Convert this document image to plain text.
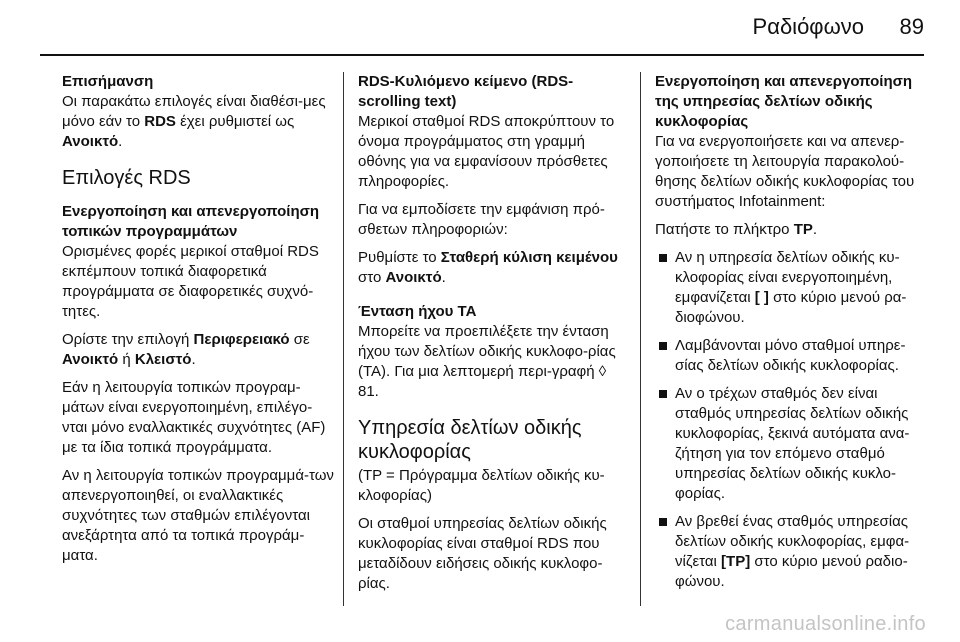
Ραδιόφωνο 89
Επισήμανση

Οι παρακάτω επιλογές είναι διαθέσι-μες μόνο εάν το RDS έχει ρυθμιστεί ως Ανοικτό.

Επιλογές RDS
Ενεργοποίηση και απενεργοποίηση τοπικών προγραμμάτων

Ορισμένες φορές μερικοί σταθμοί RDS εκπέμπουν τοπικά διαφορετικά προγράμματα σε διαφορετικές συχνό-τητες.

Ορίστε την επιλογή Περιφερειακό σε Ανοικτό ή Κλειστό.

Εάν η λειτουργία τοπικών προγραμ-μάτων είναι ενεργοποιημένη, επιλέγο-νται μόνο εναλλακτικές συχνότητες (AF) με τα ίδια τοπικά προγράμματα.

Αν η λειτουργία τοπικών προγραμμά-των απενεργοποιηθεί, οι εναλλακτικές συχνότητες των σταθμών επιλέγονται ανεξάρτητα από τα τοπικά προγράμ-ματα.

RDS-Κυλιόμενο κείμενο (RDS-scrolling text)

Μερικοί σταθμοί RDS αποκρύπτουν το όνομα προγράμματος στη γραμμή οθόνης για να εμφανίσουν πρόσθετες πληροφορίες.

Για να εμποδίσετε την εμφάνιση πρό-σθετων πληροφοριών:

Ρυθμίστε το Σταθερή κύλιση κειμένου στο Ανοικτό.

Ένταση ήχου TA

Μπορείτε να προεπιλέξετε την ένταση ήχου των δελτίων οδικής κυκλοφο-ρίας (TA). Για μια λεπτομερή περι-γραφή ◊ 81.

Υπηρεσία δελτίων οδικής κυκλοφορίας

(TP = Πρόγραμμα δελτίων οδικής κυ-κλοφορίας)

Οι σταθμοί υπηρεσίας δελτίων οδικής κυκλοφορίας είναι σταθμοί RDS που μεταδίδουν ειδήσεις οδικής κυκλοφο-ρίας.

Ενεργοποίηση και απενεργοποίηση της υπηρεσίας δελτίων οδικής κυκλοφορίας

Για να ενεργοποιήσετε και να απενερ-γοποιήσετε τη λειτουργία παρακολού-θησης δελτίων οδικής κυκλοφορίας του συστήματος Infotainment:

Πατήστε το πλήκτρο TP.

Αν η υπηρεσία δελτίων οδικής κυ-κλοφορίας είναι ενεργοποιημένη, εμφανίζεται [ ] στο κύριο μενού ρα-διοφώνου.
Λαμβάνονται μόνο σταθμοί υπηρε-σίας δελτίων οδικής κυκλοφορίας.
Αν ο τρέχων σταθμός δεν είναι σταθμός υπηρεσίας δελτίων οδικής κυκλοφορίας, ξεκινά αυτόματα ανα-ζήτηση για τον επόμενο σταθμό υπηρεσίας δελτίων οδικής κυκλο-φορίας.
Αν βρεθεί ένας σταθμός υπηρεσίας δελτίων οδικής κυκλοφορίας, εμφα-νίζεται [TP] στο κύριο μενού ραδιο-φώνου.
carmanualsonline.info
